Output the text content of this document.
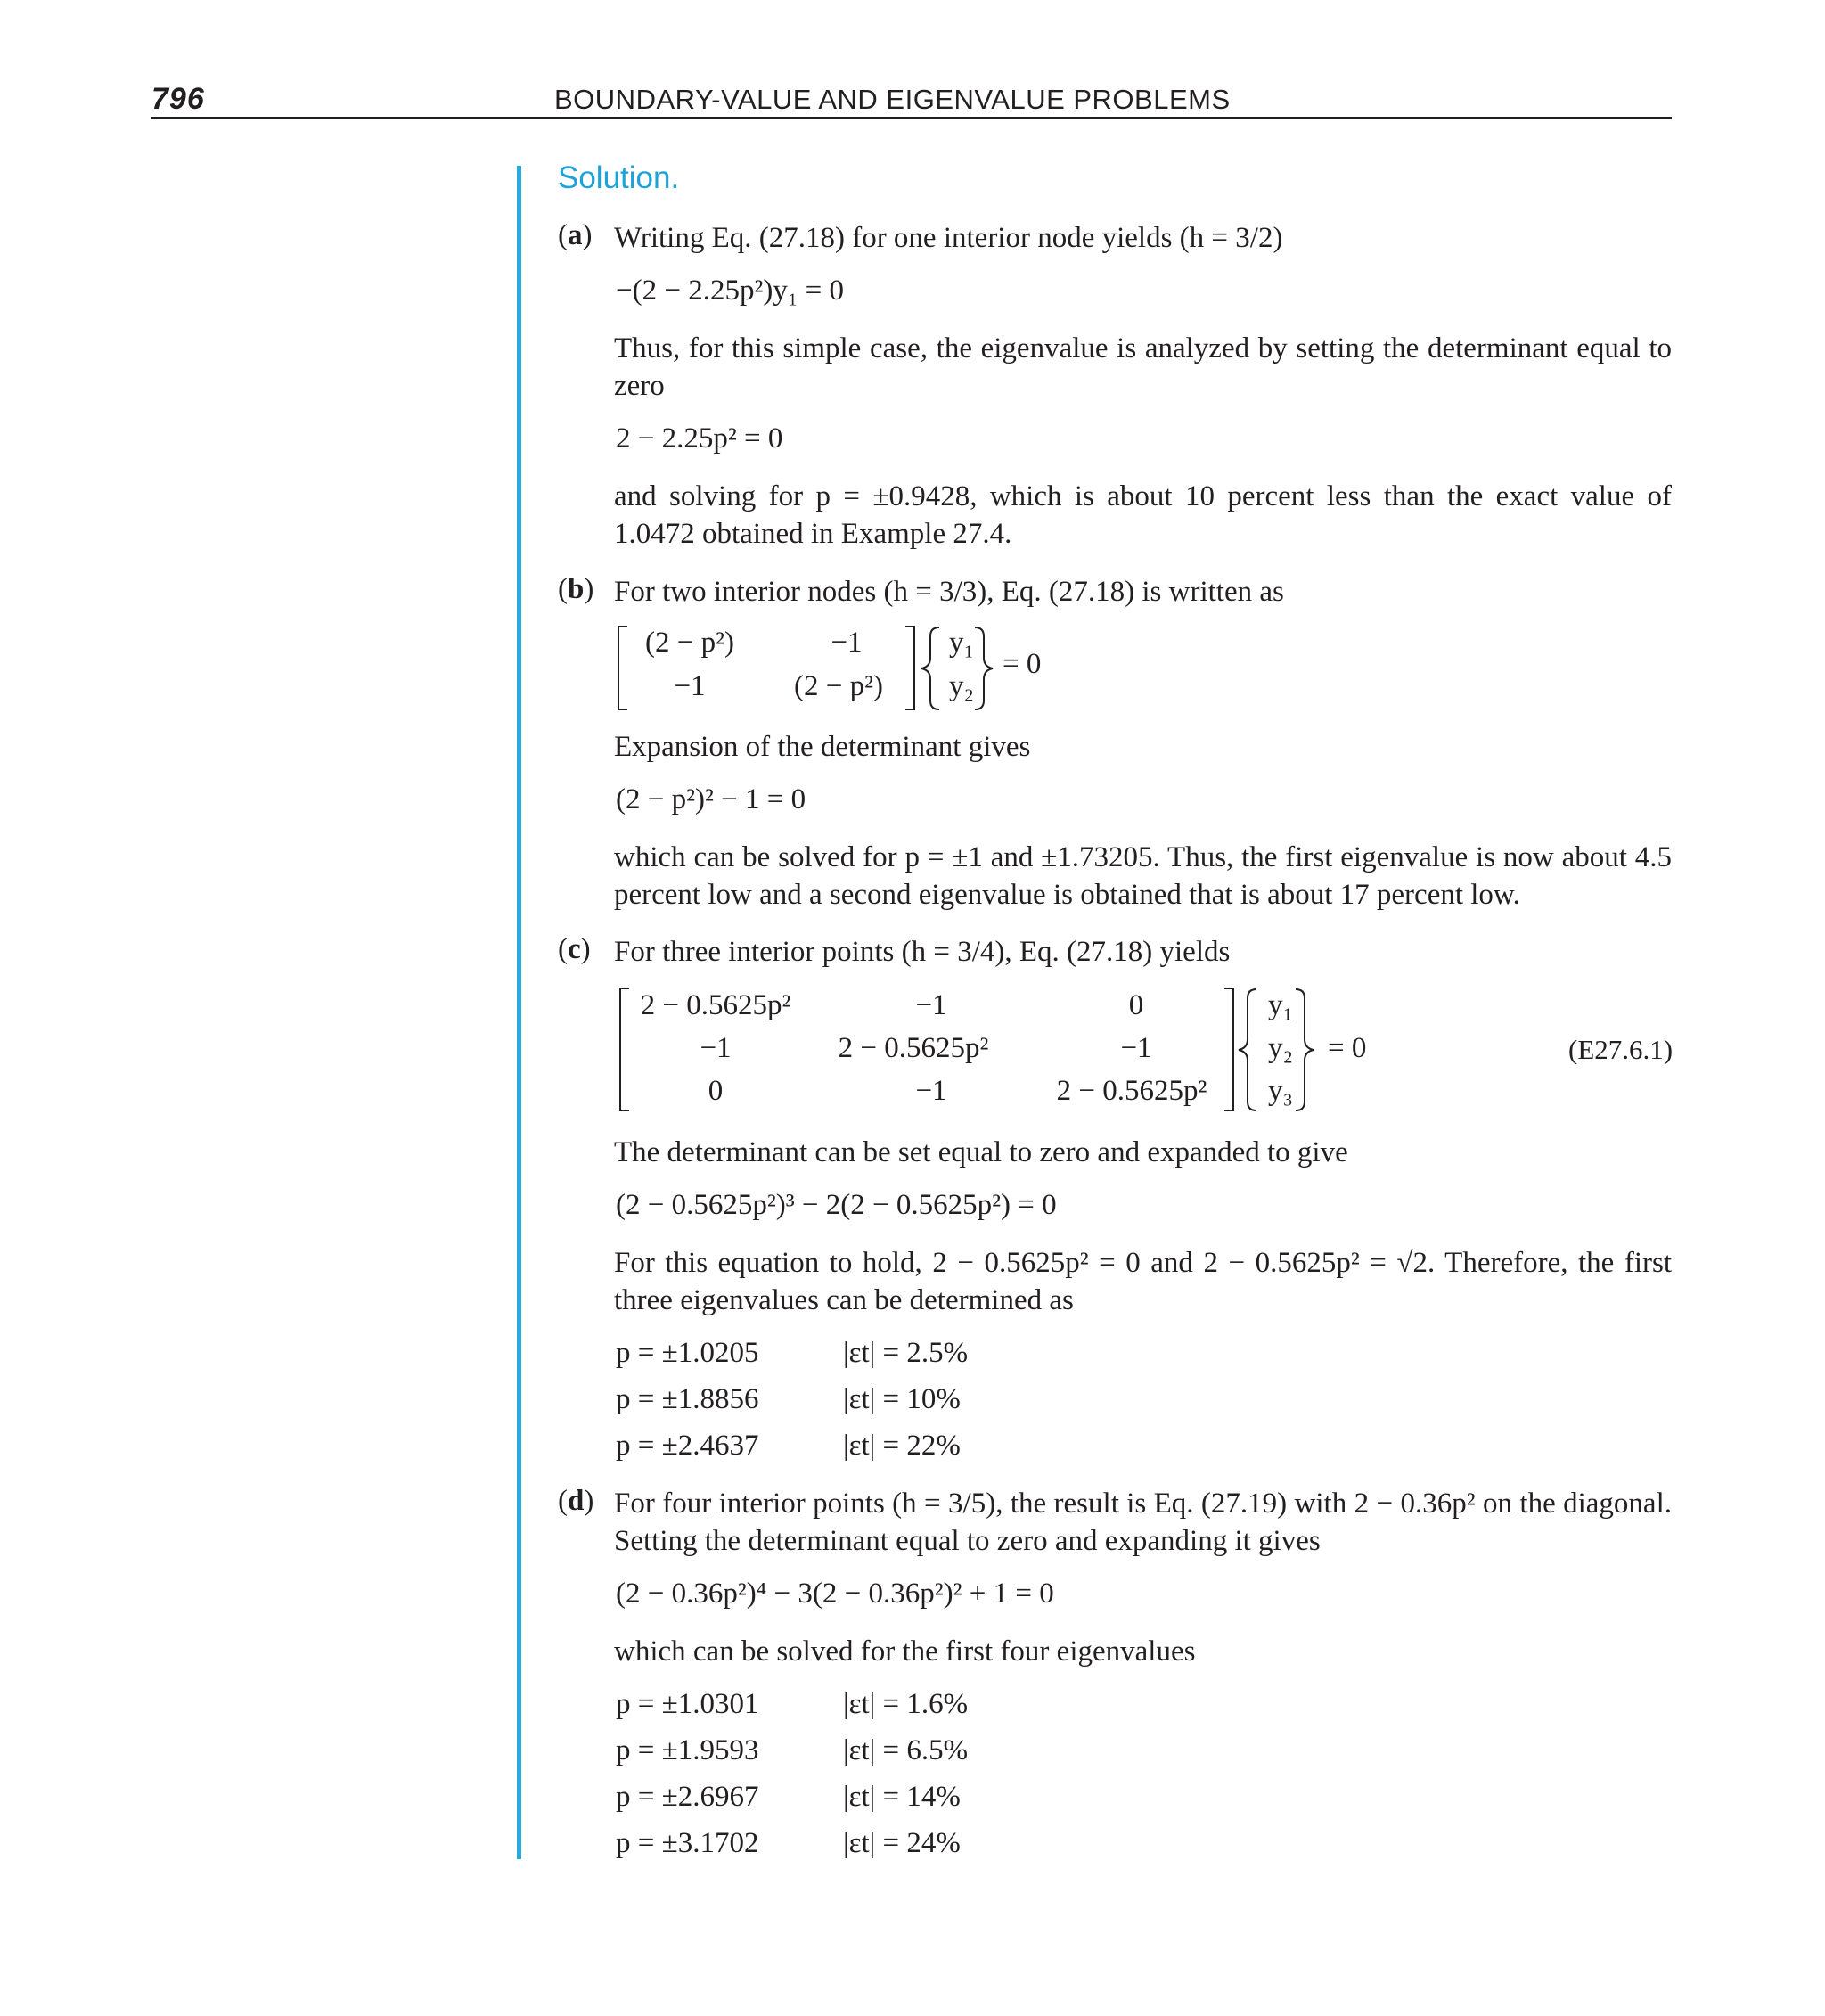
796	BOUNDARY-VALUE AND EIGENVALUE PROBLEMS
Solution.
(a) Writing Eq. (27.18) for one interior node yields (h = 3/2)
−(2 − 2.25p²)y₁ = 0
Thus, for this simple case, the eigenvalue is analyzed by setting the determinant equal to zero
2 − 2.25p² = 0
and solving for p = ±0.9428, which is about 10 percent less than the exact value of 1.0472 obtained in Example 27.4.
(b) For two interior nodes (h = 3/3), Eq. (27.18) is written as
(2 − p²)	−1
−1	(2 − p²)
y₁
y₂
= 0
Expansion of the determinant gives
(2 − p²)² − 1 = 0
which can be solved for p = ±1 and ±1.73205. Thus, the first eigenvalue is now about 4.5 percent low and a second eigenvalue is obtained that is about 17 percent low.
(c) For three interior points (h = 3/4), Eq. (27.18) yields
2 − 0.5625p²	−1	0
−1	2 − 0.5625p²	−1
0	−1	2 − 0.5625p²
y₁
y₂
y₃
= 0	(E27.6.1)
The determinant can be set equal to zero and expanded to give
(2 − 0.5625p²)³ − 2(2 − 0.5625p²) = 0
For this equation to hold, 2 − 0.5625p² = 0 and 2 − 0.5625p² = √2. Therefore, the first three eigenvalues can be determined as
p = ±1.0205	|εt| = 2.5%
p = ±1.8856	|εt| = 10%
p = ±2.4637	|εt| = 22%
(d) For four interior points (h = 3/5), the result is Eq. (27.19) with 2 − 0.36p² on the diagonal. Setting the determinant equal to zero and expanding it gives
(2 − 0.36p²)⁴ − 3(2 − 0.36p²)² + 1 = 0
which can be solved for the first four eigenvalues
p = ±1.0301	|εt| = 1.6%
p = ±1.9593	|εt| = 6.5%
p = ±2.6967	|εt| = 14%
p = ±3.1702	|εt| = 24%
